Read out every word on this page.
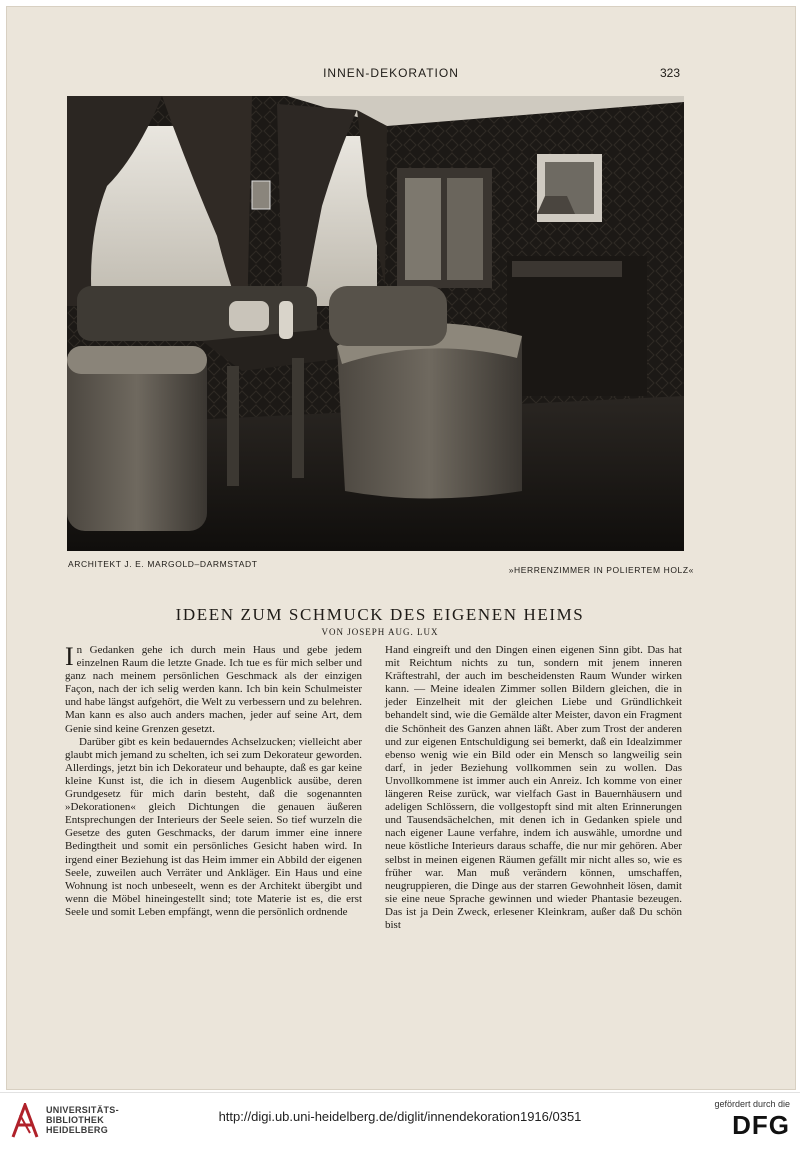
INNEN-DEKORATION	323
ARCHITEKT J. E. MARGOLD–DARMSTADT
»HERRENZIMMER IN POLIERTEM HOLZ«
IDEEN ZUM SCHMUCK DES EIGENEN HEIMS
VON JOSEPH AUG. LUX

In Gedanken gehe ich durch mein Haus und gebe jedem einzelnen Raum die letzte Gnade. Ich tue es für mich selber und ganz nach meinem persönlichen Geschmack als der einzigen Façon, nach der ich selig werden kann. Ich bin kein Schulmeister und habe längst aufgehört, die Welt zu verbessern und zu belehren. Man kann es also auch anders machen, jeder auf seine Art, dem Genie sind keine Grenzen gesetzt.

Darüber gibt es kein bedauerndes Achselzucken; vielleicht aber glaubt mich jemand zu schelten, ich sei zum Dekorateur geworden. Allerdings, jetzt bin ich Dekorateur und behaupte, daß es gar keine kleine Kunst ist, die ich in diesem Augenblick ausübe, deren Grundgesetz für mich darin besteht, daß die sogenannten »Dekorationen« gleich Dichtungen die genauen äußeren Entsprechungen der Interieurs der Seele seien. So tief wurzeln die Gesetze des guten Geschmacks, der darum immer eine innere Bedingtheit und somit ein persönliches Gesicht haben wird. In irgend einer Beziehung ist das Heim immer ein Abbild der eigenen Seele, zuweilen auch Verräter und Ankläger. Ein Haus und eine Wohnung ist noch unbeseelt, wenn es der Architekt übergibt und wenn die Möbel hineingestellt sind; tote Materie ist es, die erst Seele und somit Leben empfängt, wenn die persönlich ordnende

Hand eingreift und den Dingen einen eigenen Sinn gibt. Das hat mit Reichtum nichts zu tun, sondern mit jenem inneren Kräftestrahl, der auch im bescheidensten Raum Wunder wirken kann. — Meine idealen Zimmer sollen Bildern gleichen, die in jeder Einzelheit mit der gleichen Liebe und Gründlichkeit behandelt sind, wie die Gemälde alter Meister, davon ein Fragment die Schönheit des Ganzen ahnen läßt. Aber zum Trost der anderen und zur eigenen Entschuldigung sei bemerkt, daß ein Idealzimmer ebenso wenig wie ein Bild oder ein Mensch so langweilig sein darf, in jeder Beziehung vollkommen sein zu wollen. Das Unvollkommene ist immer auch ein Anreiz. Ich komme von einer längeren Reise zurück, war vielfach Gast in Bauernhäusern und adeligen Schlössern, die vollgestopft sind mit alten Erinnerungen und Tausendsächelchen, mit denen ich in Gedanken spiele und nach eigener Laune verfahre, indem ich auswähle, umordne und neue köstliche Interieurs daraus schaffe, die nur mir gehören. Aber selbst in meinen eigenen Räumen gefällt mir nicht alles so, wie es früher war. Man muß verändern können, umschaffen, neugruppieren, die Dinge aus der starren Gewohnheit lösen, damit sie eine neue Sprache gewinnen und wieder Phantasie bezeugen. Das ist ja Dein Zweck, erlesener Kleinkram, außer daß Du schön bist

UNIVERSITÄTS-
BIBLIOTHEK
HEIDELBERG
http://digi.ub.uni-heidelberg.de/diglit/innendekoration1916/0351
gefördert durch die
DFG
